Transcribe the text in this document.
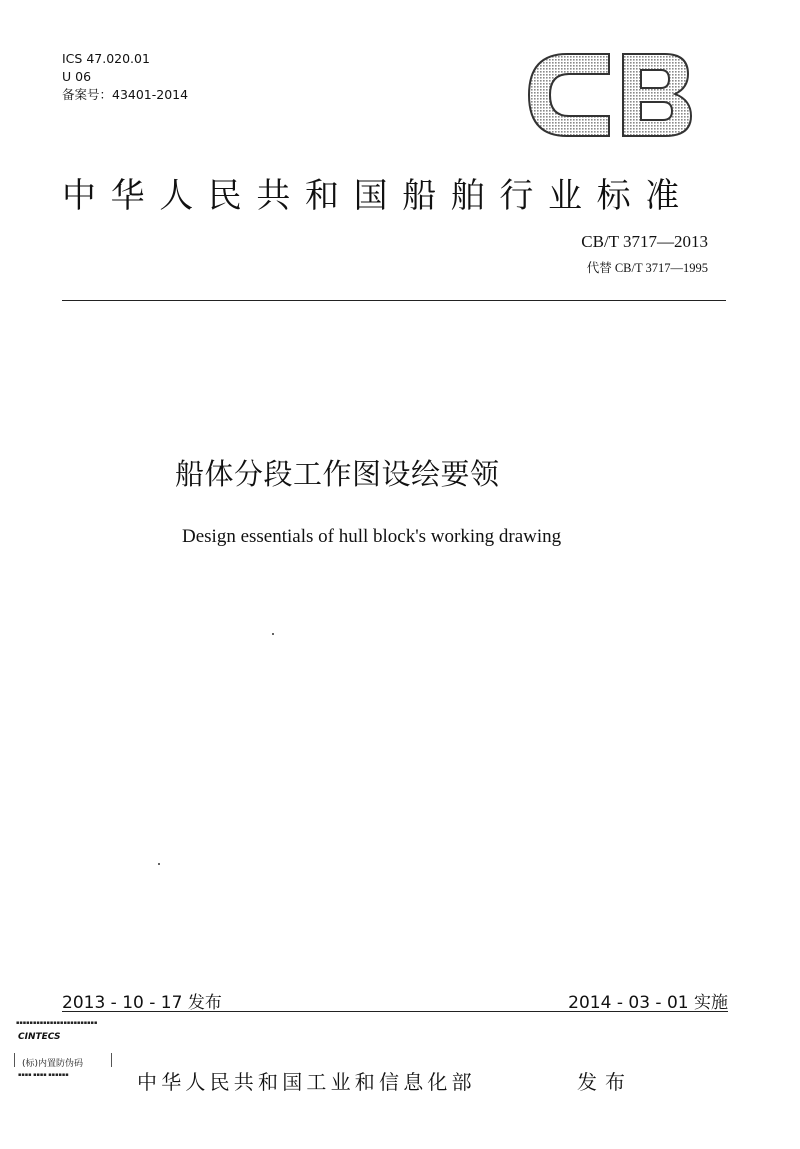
ICS 47.020.01
U 06
备案号：43401-2014
中华人民共和国船舶行业标准
CB/T 3717—2013
代替 CB/T 3717—1995
船体分段工作图设绘要领
Design essentials of hull block's working drawing
2013 - 10 - 17 发布	2014 - 03 - 01 实施
▪▪▪▪▪▪▪▪▪▪▪▪▪▪▪▪▪▪▪▪▪▪▪▪
CINTECS
(标)内置防伪码
▪▪▪▪ ▪▪▪▪ ▪▪▪▪▪▪	中华人民共和国工业和信息化部	发布
